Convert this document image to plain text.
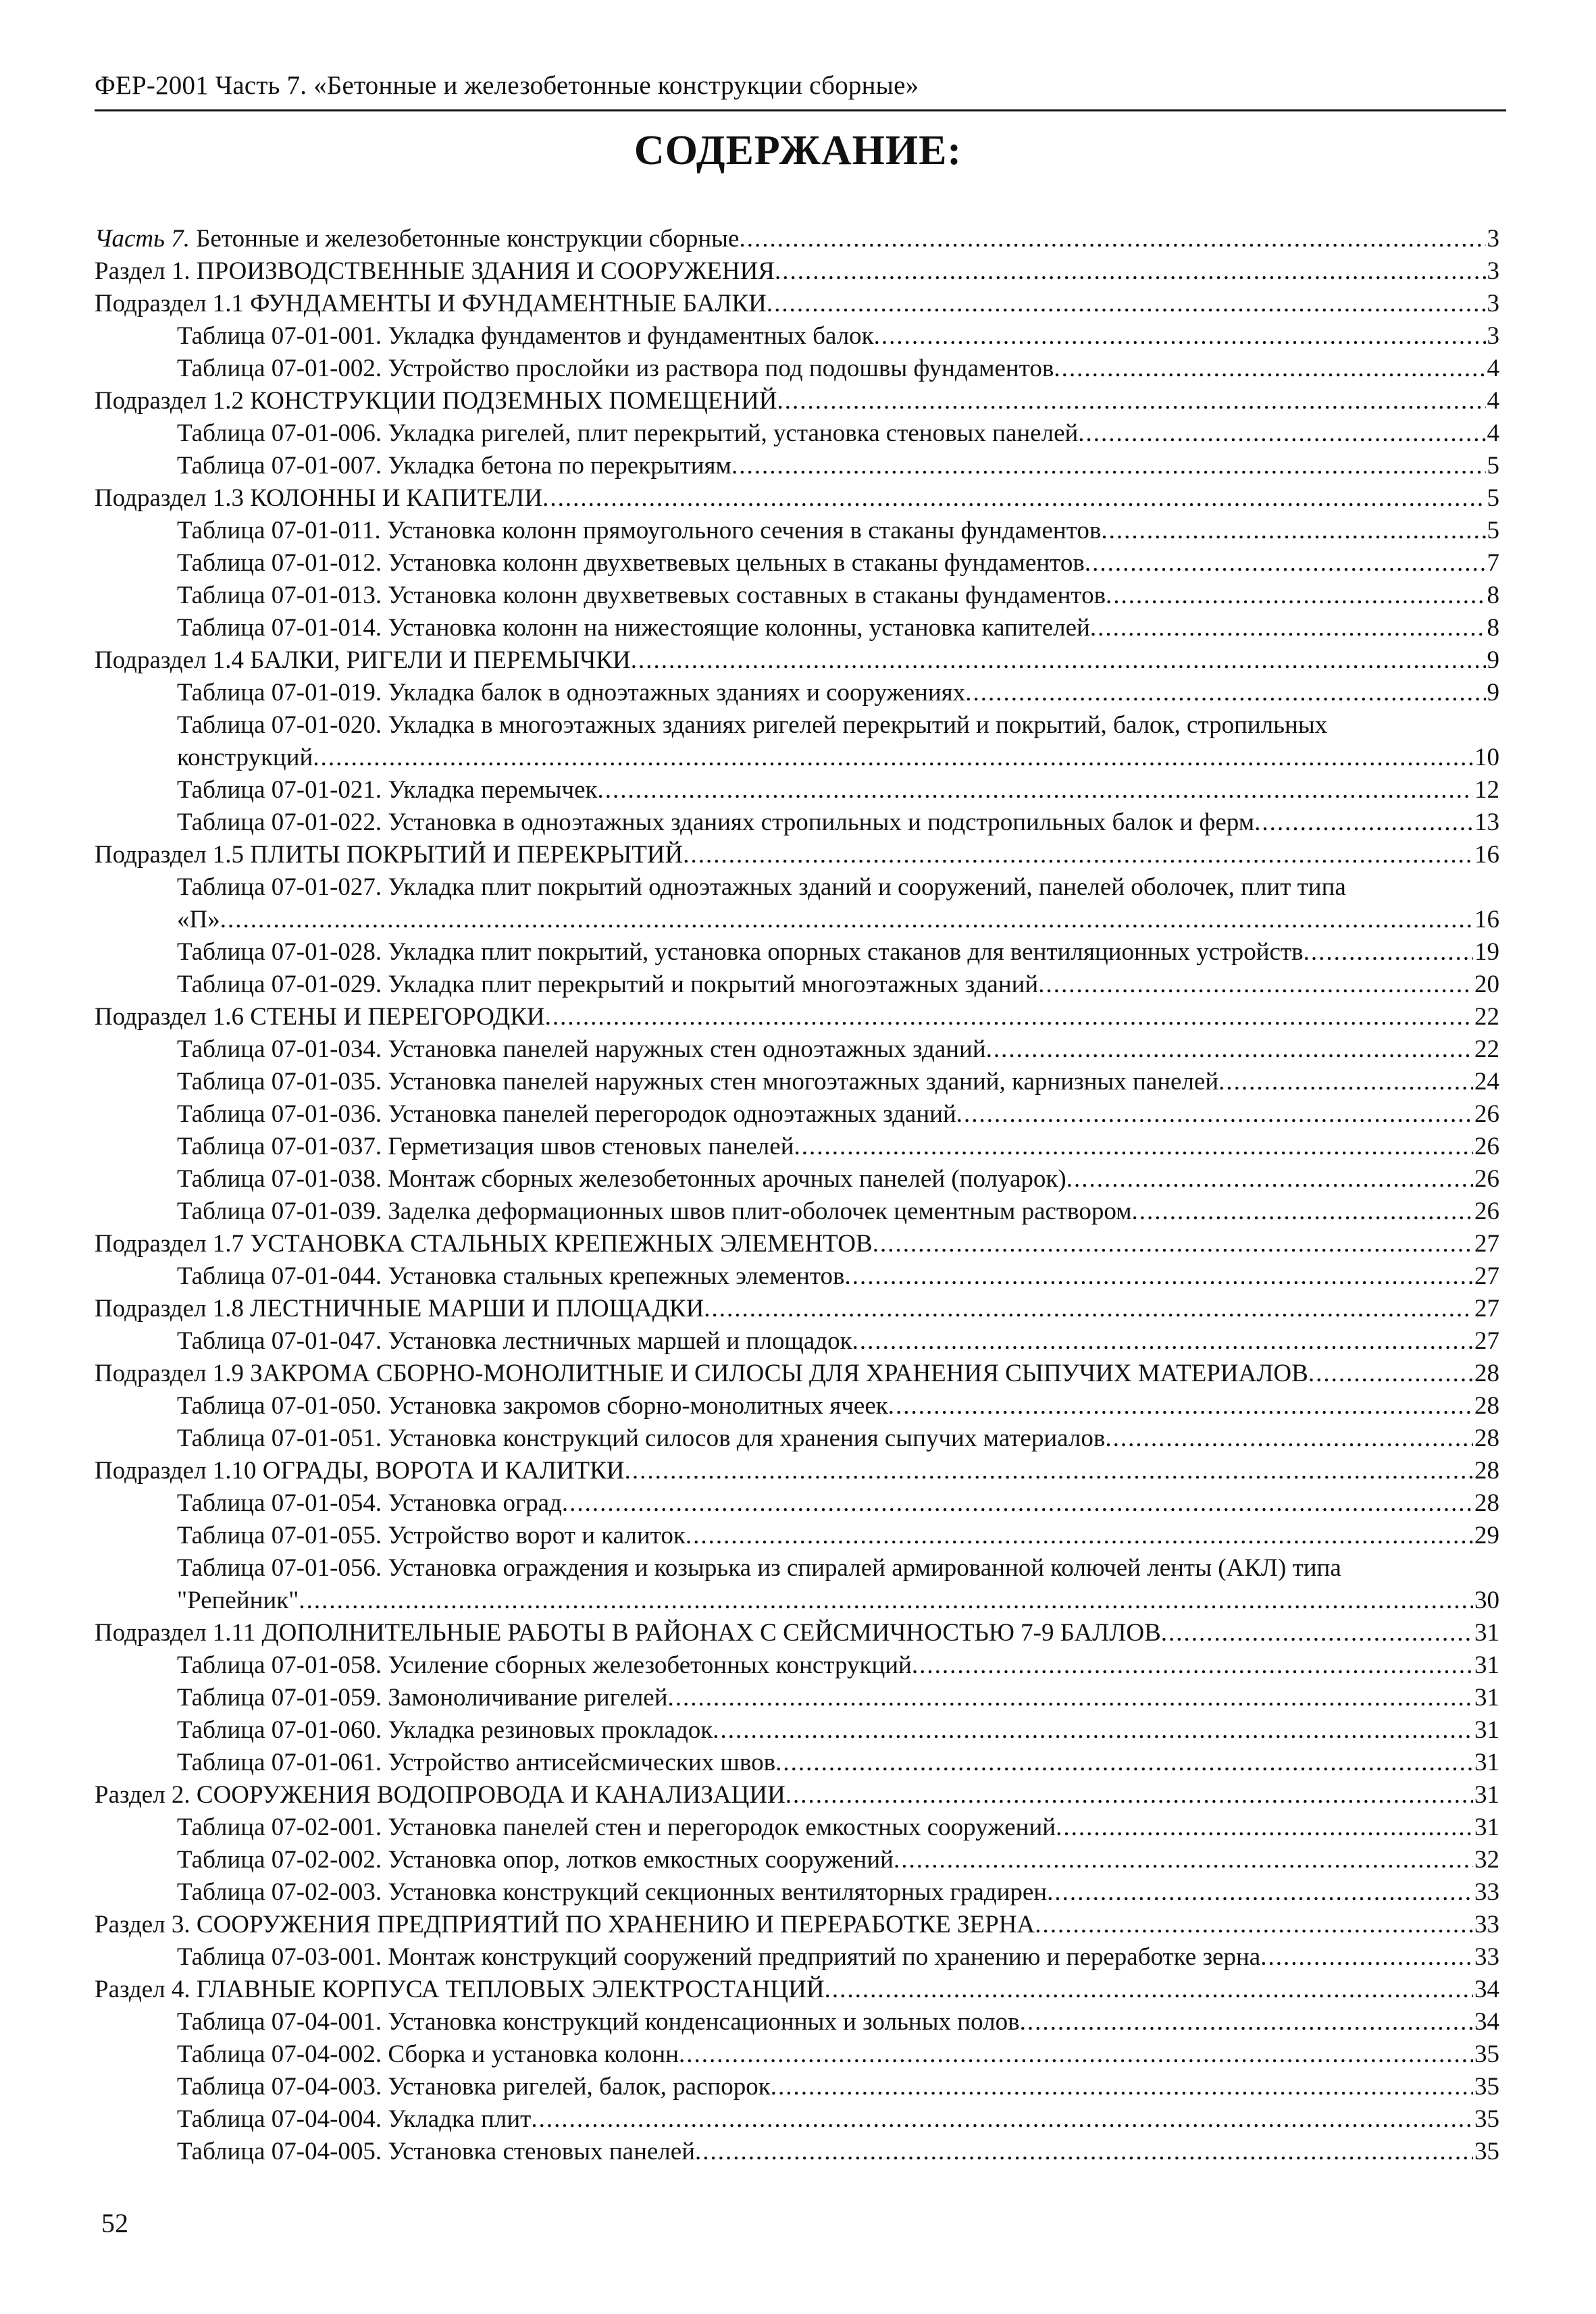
ФЕР-2001 Часть 7. «Бетонные и железобетонные конструкции сборные»
СОДЕРЖАНИЕ:
Часть 7. Бетонные и железобетонные конструкции сборные .....	3
Раздел 1. ПРОИЗВОДСТВЕННЫЕ ЗДАНИЯ И СООРУЖЕНИЯ .....	3
Подраздел 1.1 ФУНДАМЕНТЫ И ФУНДАМЕНТНЫЕ БАЛКИ .....	3
Таблица 07-01-001. Укладка фундаментов и фундаментных балок .....	3
Таблица 07-01-002. Устройство прослойки из раствора под подошвы фундаментов .....	4
Подраздел 1.2 КОНСТРУКЦИИ ПОДЗЕМНЫХ ПОМЕЩЕНИЙ .....	4
Таблица 07-01-006. Укладка ригелей, плит перекрытий, установка стеновых панелей .....	4
Таблица 07-01-007. Укладка бетона по перекрытиям .....	5
Подраздел 1.3 КОЛОННЫ И КАПИТЕЛИ .....	5
Таблица 07-01-011. Установка колонн прямоугольного сечения в стаканы фундаментов .....	5
Таблица 07-01-012. Установка колонн двухветвевых цельных в стаканы фундаментов .....	7
Таблица 07-01-013. Установка колонн двухветвевых составных в стаканы фундаментов .....	8
Таблица 07-01-014. Установка колонн на нижестоящие колонны, установка капителей .....	8
Подраздел 1.4 БАЛКИ, РИГЕЛИ И ПЕРЕМЫЧКИ .....	9
Таблица 07-01-019. Укладка балок в одноэтажных зданиях и сооружениях .....	9
Таблица 07-01-020. Укладка в многоэтажных зданиях ригелей перекрытий и покрытий, балок, стропильных
конструкций .....	10
Таблица 07-01-021. Укладка перемычек .....	12
Таблица 07-01-022. Установка в одноэтажных зданиях стропильных и подстропильных балок и ферм .....	13
Подраздел 1.5 ПЛИТЫ ПОКРЫТИЙ И ПЕРЕКРЫТИЙ .....	16
Таблица 07-01-027. Укладка плит покрытий одноэтажных зданий и сооружений, панелей оболочек, плит типа
«П» .....	16
Таблица 07-01-028. Укладка плит покрытий, установка опорных стаканов для вентиляционных устройств .....	19
Таблица 07-01-029. Укладка плит перекрытий и покрытий многоэтажных зданий .....	20
Подраздел 1.6 СТЕНЫ И ПЕРЕГОРОДКИ .....	22
Таблица 07-01-034. Установка панелей наружных стен одноэтажных зданий .....	22
Таблица 07-01-035. Установка панелей наружных стен многоэтажных зданий, карнизных панелей .....	24
Таблица 07-01-036. Установка панелей перегородок одноэтажных зданий .....	26
Таблица 07-01-037. Герметизация швов стеновых панелей .....	26
Таблица 07-01-038. Монтаж сборных железобетонных арочных панелей (полуарок) .....	26
Таблица 07-01-039. Заделка деформационных швов плит-оболочек цементным раствором .....	26
Подраздел 1.7 УСТАНОВКА СТАЛЬНЫХ КРЕПЕЖНЫХ ЭЛЕМЕНТОВ .....	27
Таблица 07-01-044. Установка стальных крепежных элементов .....	27
Подраздел 1.8 ЛЕСТНИЧНЫЕ МАРШИ И ПЛОЩАДКИ .....	27
Таблица 07-01-047. Установка лестничных маршей и площадок .....	27
Подраздел 1.9 ЗАКРОМА СБОРНО-МОНОЛИТНЫЕ И СИЛОСЫ ДЛЯ ХРАНЕНИЯ СЫПУЧИХ МАТЕРИАЛОВ .....	28
Таблица 07-01-050. Установка закромов сборно-монолитных ячеек .....	28
Таблица 07-01-051. Установка конструкций силосов для хранения сыпучих материалов .....	28
Подраздел 1.10 ОГРАДЫ, ВОРОТА И КАЛИТКИ .....	28
Таблица 07-01-054. Установка оград .....	28
Таблица 07-01-055. Устройство ворот и калиток .....	29
Таблица 07-01-056. Установка ограждения и козырька из спиралей армированной колючей ленты (АКЛ) типа
"Репейник" .....	30
Подраздел 1.11 ДОПОЛНИТЕЛЬНЫЕ РАБОТЫ В РАЙОНАХ С СЕЙСМИЧНОСТЬЮ 7-9 БАЛЛОВ .....	31
Таблица 07-01-058. Усиление сборных железобетонных конструкций .....	31
Таблица 07-01-059. Замоноличивание ригелей .....	31
Таблица 07-01-060. Укладка резиновых прокладок .....	31
Таблица 07-01-061. Устройство антисейсмических швов .....	31
Раздел 2. СООРУЖЕНИЯ ВОДОПРОВОДА И КАНАЛИЗАЦИИ .....	31
Таблица 07-02-001. Установка панелей стен и перегородок емкостных сооружений .....	31
Таблица 07-02-002. Установка опор, лотков емкостных сооружений .....	32
Таблица 07-02-003. Установка конструкций секционных вентиляторных градирен .....	33
Раздел 3. СООРУЖЕНИЯ ПРЕДПРИЯТИЙ ПО ХРАНЕНИЮ И ПЕРЕРАБОТКЕ ЗЕРНА .....	33
Таблица 07-03-001. Монтаж конструкций сооружений предприятий по хранению и переработке зерна .....	33
Раздел 4. ГЛАВНЫЕ КОРПУСА ТЕПЛОВЫХ ЭЛЕКТРОСТАНЦИЙ .....	34
Таблица 07-04-001. Установка конструкций конденсационных и зольных полов .....	34
Таблица 07-04-002. Сборка и установка колонн .....	35
Таблица 07-04-003. Установка ригелей, балок, распорок .....	35
Таблица 07-04-004. Укладка плит .....	35
Таблица 07-04-005. Установка стеновых панелей .....	35
52
